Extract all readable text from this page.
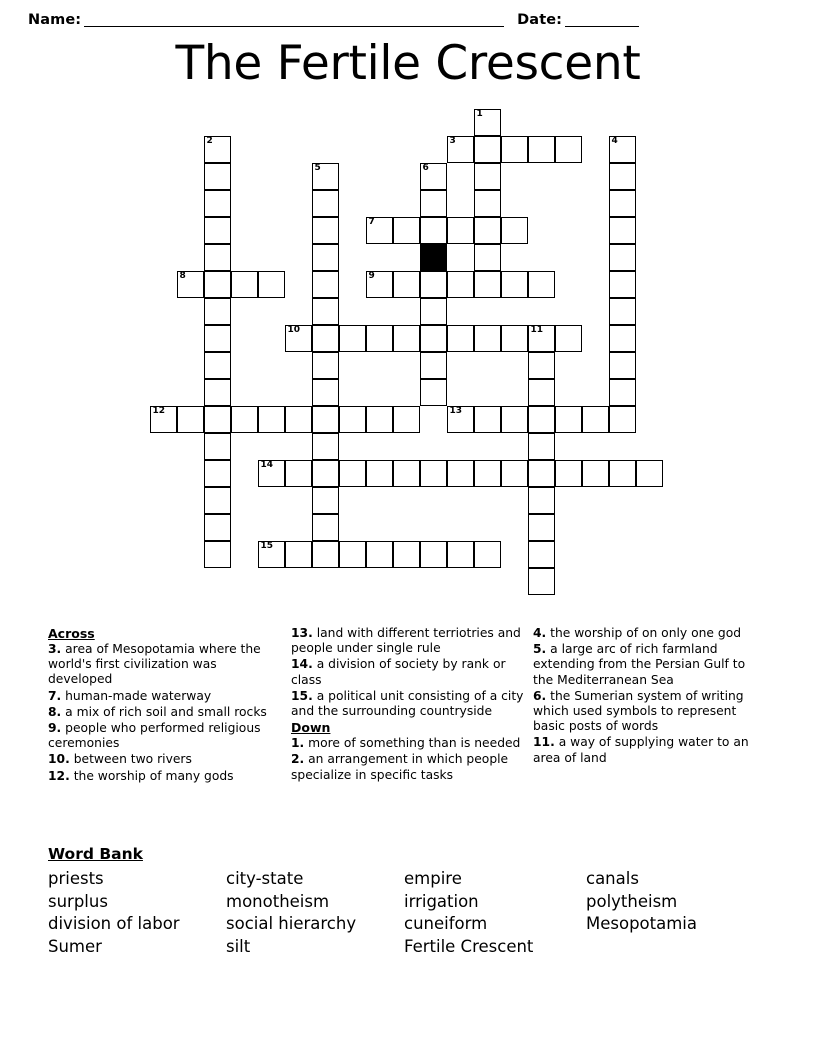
Name:	Date:
The Fertile Crescent
1
2	3	4
5	6
7
8	9
10	11
12	13
14
15
Across
3. area of Mesopotamia where the world's first civilization was developed
7. human-made waterway
8. a mix of rich soil and small rocks
9. people who performed religious ceremonies
10. between two rivers
12. the worship of many gods
13. land with different terriotries and people under single rule
14. a division of society by rank or class
15. a political unit consisting of a city and the surrounding countryside
Down
1. more of something than is needed
2. an arrangement in which people specialize in specific tasks
4. the worship of on only one god
5. a large arc of rich farmland extending from the Persian Gulf to the Mediterranean Sea
6. the Sumerian system of writing which used symbols to represent basic posts of words
11. a way of supplying water to an area of land
Word Bank
priests	city-state	empire	canals
surplus	monotheism	irrigation	polytheism
division of labor	social hierarchy	cuneiform	Mesopotamia
Sumer	silt	Fertile Crescent
